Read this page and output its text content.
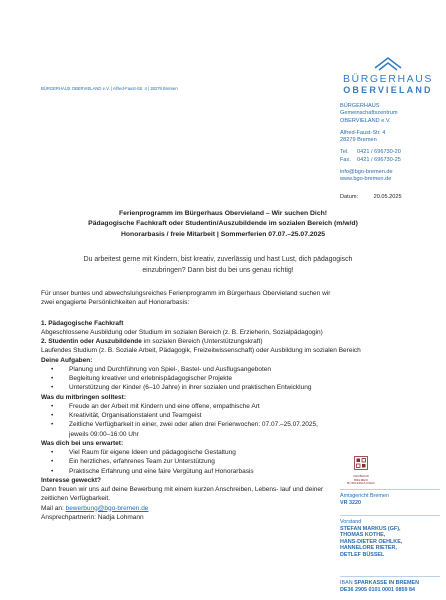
BÜRGERHAUS
OBERVIELAND
BÜRGERHAUS OBERVIELAND e.V. | Alfred-Faust-Str. 4 | 28279 Bremen
BÜRGERHAUS
Gemeinschaftszentrum
OBERVIELAND e.V.
Alfred-Faust-Str. 4
28279 Bremen
Tel. 0421 / 696730-20
Fax. 0421 / 696730-25
info@bgo-bremen.de
www.bgo-bremen.de
Datum:	20.05.2025
Ferienprogramm im Bürgerhaus Obervieland – Wir suchen Dich!
Pädagogische Fachkraft oder Studentin/Auszubildende im sozialen Bereich (m/w/d)
Honorarbasis / freie Mitarbeit | Sommerferien 07.07.–25.07.2025
Du arbeitest gerne mit Kindern, bist kreativ, zuverlässig und hast Lust, dich pädagogisch
einzubringen? Dann bist du bei uns genau richtig!

Für unser buntes und abwechslungsreiches Ferienprogramm im Bürgerhaus Obervieland suchen wir

zwei engagierte Persönlichkeiten auf Honorarbasis:

1. Pädagogische Fachkraft

Abgeschlossene Ausbildung oder Studium im sozialen Bereich (z. B. Erzieherin, Sozialpädagogin)

2. Studentin oder Auszubildende im sozialen Bereich (Unterstützungskraft)

Laufendes Studium (z. B. Soziale Arbeit, Pädagogik, Freizeitwissenschaft) oder Ausbildung im sozialen Bereich

Deine Aufgaben:

• Planung und Durchführung von Spiel-, Bastel- und Ausflugsangeboten
• Begleitung kreativer und erlebnispädagogischer Projekte
• Unterstützung der Kinder (6–10 Jahre) in ihrer sozialen und praktischen Entwicklung

Was du mitbringen solltest:

• Freude an der Arbeit mit Kindern und eine offene, empathische Art
• Kreativität, Organisationstalent und Teamgeist
• Zeitliche Verfügbarkeit in einer, zwei oder allen drei Ferienwochen: 07.07.–25.07.2025, jeweils 09:00–16:00 Uhr

Was dich bei uns erwartet:

• Viel Raum für eigene Ideen und pädagogische Gestaltung
• Ein herzliches, erfahrenes Team zur Unterstützung
• Praktische Erfahrung und eine faire Vergütung auf Honorarbasis

Interesse geweckt?

Dann freuen wir uns auf deine Bewerbung mit einem kurzen Anschreiben, Lebens- lauf und deiner zeitlichen Verfügbarkeit.

Mail an: bewerbung@bgo-bremen.de

Ansprechpartnerin: Nadja Lohmann

VERBAND
BREMER
BÜRGERHÄUSER
Amtsgericht Bremen
VR 3220
Vorstand
STEFAN MARKUS (GF),
THOMAS KOTHE,
HANS-DIETER OEHLKE,
HANNELORE RIETER,
DETLEF BÜSSEL
IBAN SPARKASSE IN BREMEN
DE36 2905 0101 0001 0859 84
